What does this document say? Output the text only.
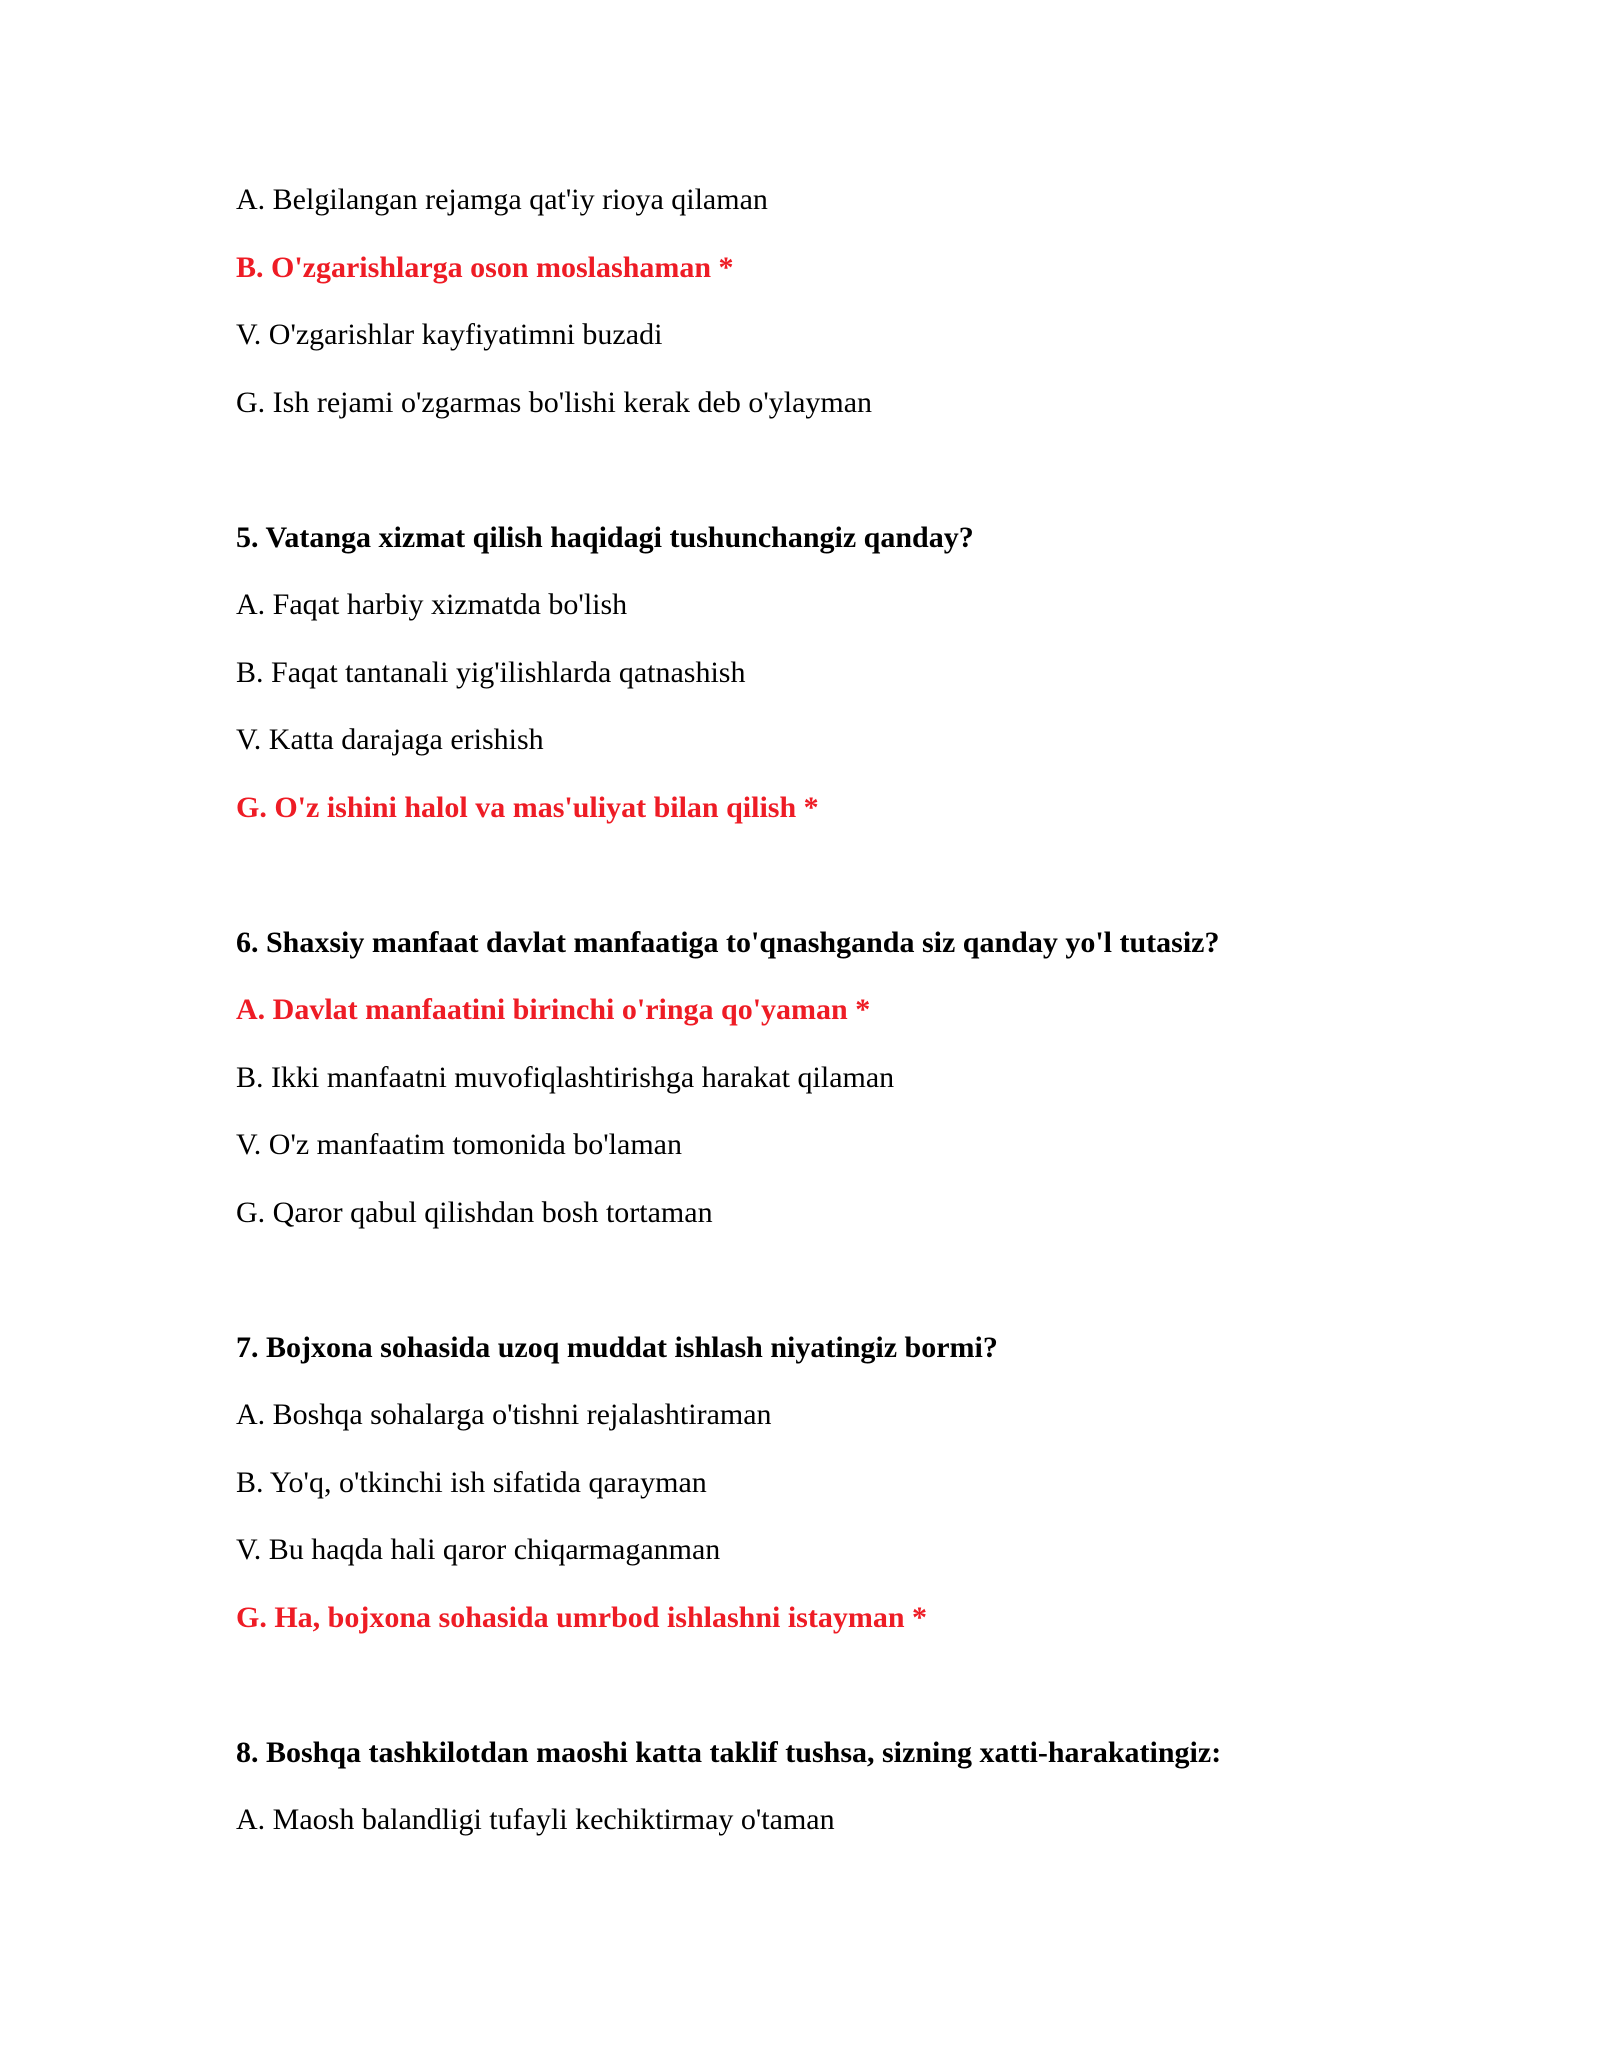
A. Belgilangan rejamga qat'iy rioya qilaman
B. O'zgarishlarga oson moslashaman *
V. O'zgarishlar kayfiyatimni buzadi
G. Ish rejami o'zgarmas bo'lishi kerak deb o'ylayman
5. Vatanga xizmat qilish haqidagi tushunchangiz qanday?
A. Faqat harbiy xizmatda bo'lish
B. Faqat tantanali yig'ilishlarda qatnashish
V. Katta darajaga erishish
G. O'z ishini halol va mas'uliyat bilan qilish *
6. Shaxsiy manfaat davlat manfaatiga to'qnashganda siz qanday yo'l tutasiz?
A. Davlat manfaatini birinchi o'ringa qo'yaman *
B. Ikki manfaatni muvofiqlashtirishga harakat qilaman
V. O'z manfaatim tomonida bo'laman
G. Qaror qabul qilishdan bosh tortaman
7. Bojxona sohasida uzoq muddat ishlash niyatingiz bormi?
A. Boshqa sohalarga o'tishni rejalashtiraman
B. Yo'q, o'tkinchi ish sifatida qarayman
V. Bu haqda hali qaror chiqarmaganman
G. Ha, bojxona sohasida umrbod ishlashni istayman *
8. Boshqa tashkilotdan maoshi katta taklif tushsa, sizning xatti-harakatingiz:
A. Maosh balandligi tufayli kechiktirmay o'taman
